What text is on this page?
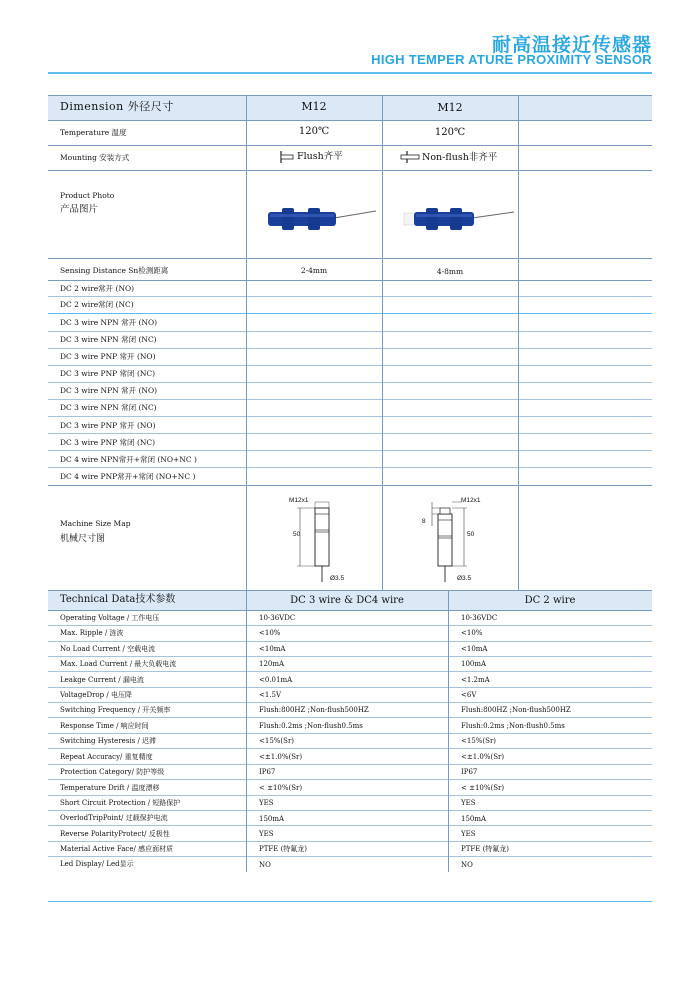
耐高温接近传感器
HIGH TEMPER ATURE PROXIMITY SENSOR
Dimension 外径尺寸	M12	M12
Temperature 温度	120℃	120℃
Mounting 安装方式	Flush齐平	Non-flush非齐平
Product Photo
产品图片
Sensing Distance Sn检测距离	2-4mm	4-8mm
DC 2 wire常开 (NO)
DC 2 wire常闭 (NC)
DC 3 wire NPN 常开 (NO)
DC 3 wire NPN 常闭 (NC)
DC 3 wire PNP 常开 (NO)
DC 3 wire PNP 常闭 (NC)
DC 3 wire NPN 常开 (NO)
DC 3 wire NPN 常闭 (NC)
DC 3 wire PNP 常开 (NO)
DC 3 wire PNP 常闭 (NC)
DC 4 wire NPN常开+常闭 (NO+NC )
DC 4 wire PNP常开+常闭 (NO+NC )
Machine Size Map
机械尺寸图
M12x1
50
Ø3.5
M12x1
50
8
Ø3.5
Technical Data技术参数	DC 3 wire & DC4 wire	DC 2 wire
Operating Voltage / 工作电压	10-36VDC	10-36VDC
Max. Ripple / 涟波	<10%	<10%
No Load Current / 空载电流	<10mA	<10mA
Max. Load Current / 最大负载电流	120mA	100mA
Leakge Current / 漏电流	<0.01mA	<1.2mA
VoltageDrop / 电压降	<1.5V	<6V
Switching Frequency / 开关频率	Flush:800HZ ;Non-flush500HZ	Flush:800HZ ;Non-flush500HZ
Response Time / 响应时间	Flush:0.2ms ;Non-flush0.5ms	Flush:0.2ms ;Non-flush0.5ms
Switching Hysteresis / 迟滞	<15%(Sr)	<15%(Sr)
Repeat Accuracy/ 重复精度	<±1.0%(Sr)	<±1.0%(Sr)
Protection Category/ 防护等级	IP67	IP67
Temperature Drift / 温度漂移	< ±10%(Sr)	< ±10%(Sr)
Short Circuit Protection / 短路保护	YES	YES
OverlodTripPoint/ 过载保护电流	150mA	150mA
Reverse PolarityProtect/ 反极性	YES	YES
Material Active Face/ 感应面材质	PTFE (特氟龙)	PTFE (特氟龙)
Led Display/ Led显示	NO	NO
